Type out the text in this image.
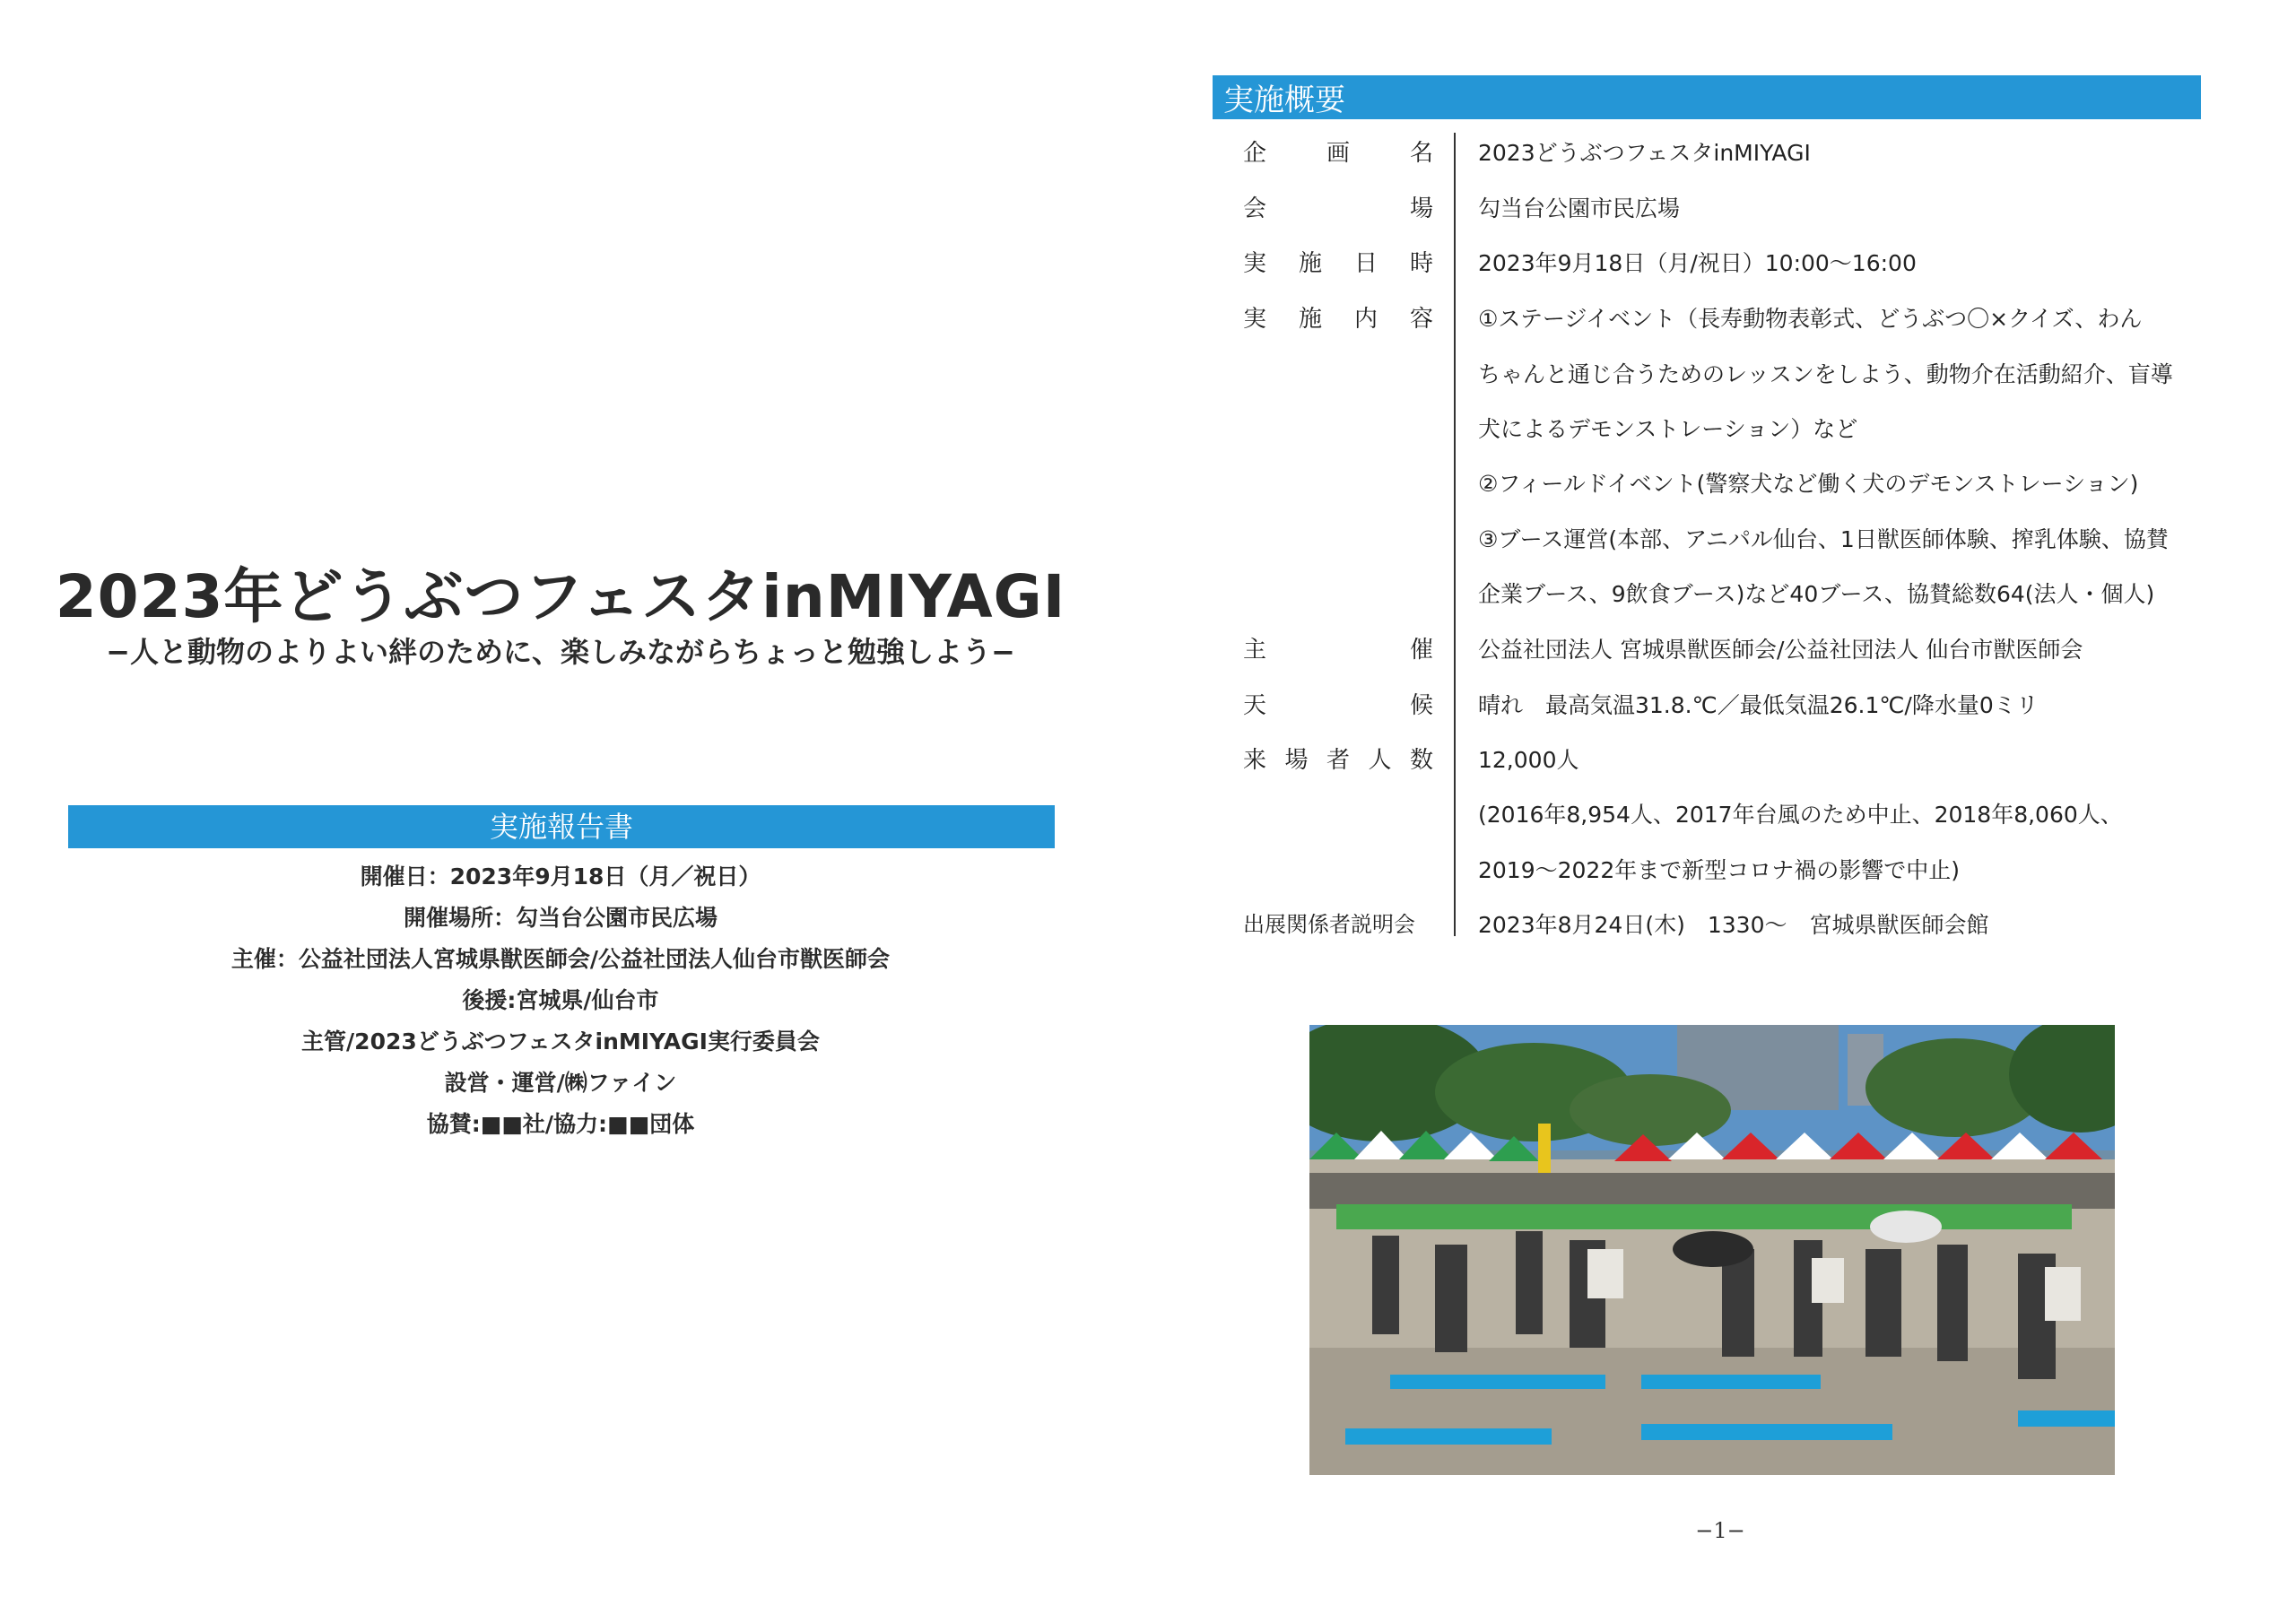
2023年どうぶつフェスタinMIYAGI
−人と動物のよりよい絆のために、楽しみながらちょっと勉強しよう−
実施報告書
開催日：2023年9月18日（月／祝日）
開催場所：勾当台公園市民広場
主催：公益社団法人宮城県獣医師会/公益社団法人仙台市獣医師会
後援:宮城県/仙台市
主管/2023どうぶつフェスタinMIYAGI実行委員会
設営・運営/㈱ファイン
協賛:■■社/協力:■■団体
実施概要
企	画	名 2023どうぶつフェスタinMIYAGI
会	場 勾当台公園市民広場
実 施 日 時 2023年9月18日（月/祝日）10:00～16:00
実 施 内 容 ①ステージイベント（長寿動物表彰式、どうぶつ〇×クイズ、わん
ちゃんと通じ合うためのレッスンをしよう、動物介在活動紹介、盲導
犬によるデモンストレーション）など
②フィールドイベント(警察犬など働く犬のデモンストレーション)
③ブース運営(本部、アニパル仙台、1日獣医師体験、搾乳体験、協賛
企業ブース、9飲食ブース)など40ブース、協賛総数64(法人・個人)
主	催 公益社団法人 宮城県獣医師会/公益社団法人 仙台市獣医師会
天	候 晴れ　最高気温31.8.℃／最低気温26.1℃/降水量0ミリ
来 場 者 人 数 12,000人
(2016年8,954人、2017年台風のため中止、2018年8,060人、
2019～2022年まで新型コロナ禍の影響で中止)
出展関係者説明会	2023年8月24日(木)　1330～　宮城県獣医師会館
−1−
